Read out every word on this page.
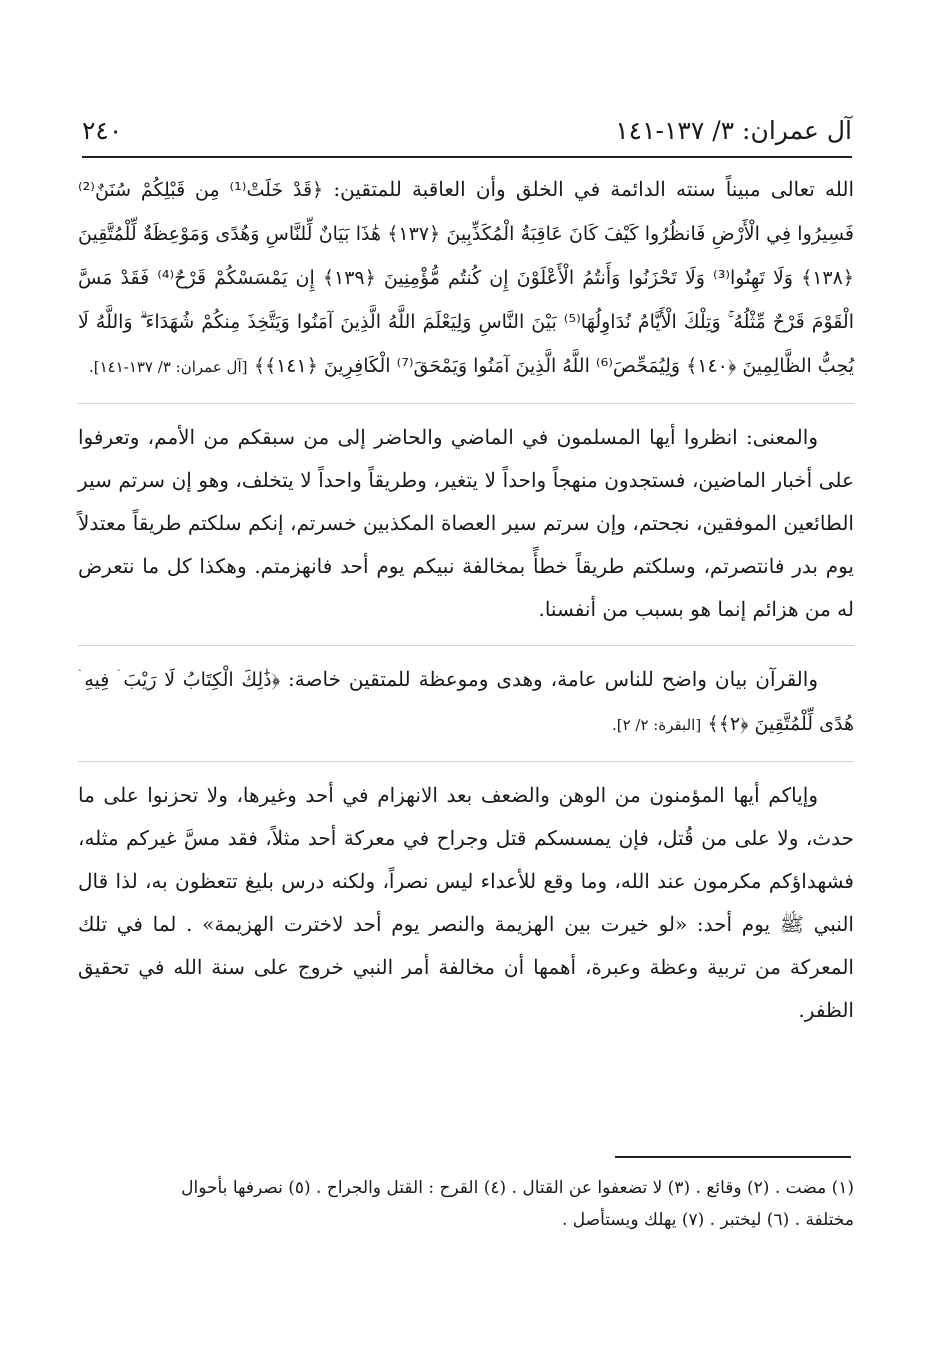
آل عمران: ٣/ ١٣٧-١٤١
٢٤٠

الله تعالى مبيناً سنته الدائمة في الخلق وأن العاقبة للمتقين: ﴿قَدْ خَلَتْ⁽¹⁾ مِن قَبْلِكُمْ سُنَنٌ⁽²⁾ فَسِيرُوا فِي الْأَرْضِ فَانظُرُوا كَيْفَ كَانَ عَاقِبَةُ الْمُكَذِّبِينَ ﴿١٣٧﴾ هَٰذَا بَيَانٌ لِّلنَّاسِ وَهُدًى وَمَوْعِظَةٌ لِّلْمُتَّقِينَ ﴿١٣٨﴾ وَلَا تَهِنُوا⁽³⁾ وَلَا تَحْزَنُوا وَأَنتُمُ الْأَعْلَوْنَ إِن كُنتُم مُّؤْمِنِينَ ﴿١٣٩﴾ إِن يَمْسَسْكُمْ قَرْحٌ⁽⁴⁾ فَقَدْ مَسَّ الْقَوْمَ قَرْحٌ مِّثْلُهُ ۚ وَتِلْكَ الْأَيَّامُ نُدَاوِلُهَا⁽⁵⁾ بَيْنَ النَّاسِ وَلِيَعْلَمَ اللَّهُ الَّذِينَ آمَنُوا وَيَتَّخِذَ مِنكُمْ شُهَدَاءَ ۗ وَاللَّهُ لَا يُحِبُّ الظَّالِمِينَ ﴿١٤٠﴾ وَلِيُمَحِّصَ⁽⁶⁾ اللَّهُ الَّذِينَ آمَنُوا وَيَمْحَقَ⁽⁷⁾ الْكَافِرِينَ ﴿١٤١﴾﴾ [آل عمران: ٣/ ١٣٧-١٤١].

والمعنى: انظروا أيها المسلمون في الماضي والحاضر إلى من سبقكم من الأمم، وتعرفوا على أخبار الماضين، فستجدون منهجاً واحداً لا يتغير، وطريقاً واحداً لا يتخلف، وهو إن سرتم سير الطائعين الموفقين، نجحتم، وإن سرتم سير العصاة المكذبين خسرتم، إنكم سلكتم طريقاً معتدلاً يوم بدر فانتصرتم، وسلكتم طريقاً خطأً بمخالفة نبيكم يوم أحد فانهزمتم. وهكذا كل ما نتعرض له من هزائم إنما هو بسبب من أنفسنا.

والقرآن بيان واضح للناس عامة، وهدى وموعظة للمتقين خاصة: ﴿ذَٰلِكَ الْكِتَابُ لَا رَيْبَ ۛ فِيهِ ۛ هُدًى لِّلْمُتَّقِينَ ﴿٢﴾﴾ [البقرة: ٢/ ٢].

وإياكم أيها المؤمنون من الوهن والضعف بعد الانهزام في أحد وغيرها، ولا تحزنوا على ما حدث، ولا على من قُتل، فإن يمسسكم قتل وجراح في معركة أحد مثلاً، فقد مسَّ غيركم مثله، فشهداؤكم مكرمون عند الله، وما وقع للأعداء ليس نصراً، ولكنه درس بليغ تتعظون به، لذا قال النبي ﷺ يوم أحد: «لو خيرت بين الهزيمة والنصر يوم أحد لاخترت الهزيمة» . لما في تلك المعركة من تربية وعظة وعبرة، أهمها أن مخالفة أمر النبي خروج على سنة الله في تحقيق الظفر.

(١) مضت . (٢) وقائع . (٣) لا تضعفوا عن القتال . (٤) القرح : القتل والجراح . (٥) نصرفها بأحوال

مختلفة . (٦) ليختبر . (٧) يهلك ويستأصل .
